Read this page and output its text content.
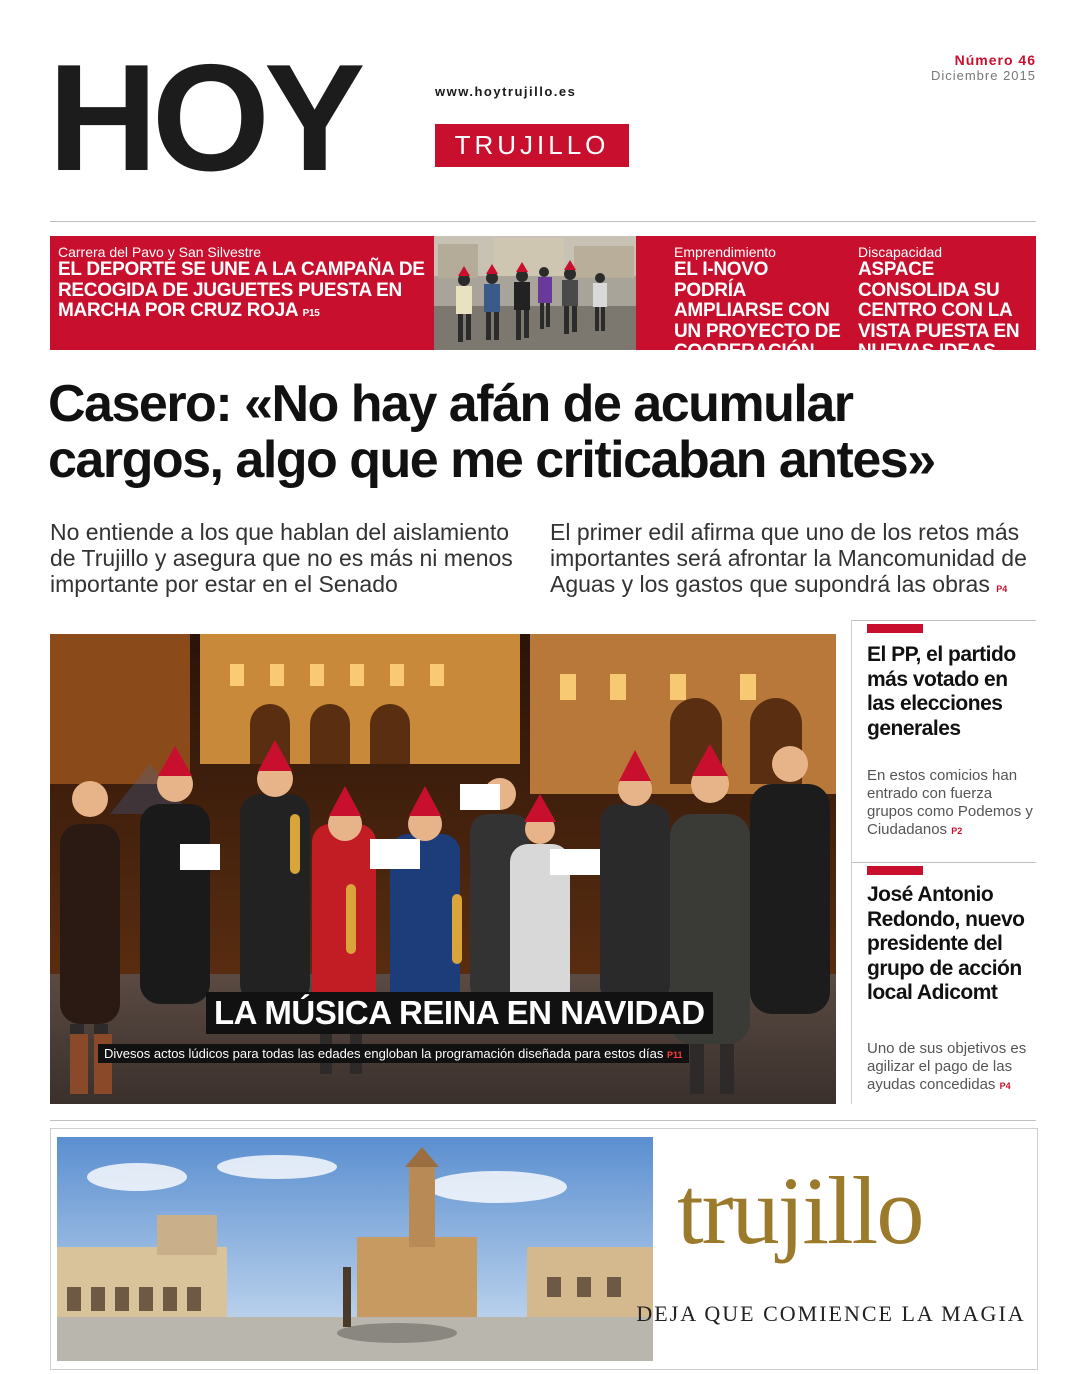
HOY	www.hoytrujillo.es
TRUJILLO
Número 46
Diciembre 2015
Carrera del Pavo y San Silvestre
EL DEPORTE SE UNE A LA CAMPAÑA DE RECOGIDA DE JUGUETES PUESTA EN MARCHA POR CRUZ ROJA P15
Emprendimiento
EL I-NOVO PODRÍA AMPLIARSE CON UN PROYECTO DE COOPERACIÓN P7
Discapacidad
ASPACE CONSOLIDA SU CENTRO CON LA VISTA PUESTA EN NUEVAS IDEAS P12
Casero: «No hay afán de acumular cargos, algo que me criticaban antes»
No entiende a los que hablan del aislamiento de Trujillo y asegura que no es más ni menos importante por estar en el Senado
El primer edil afirma que uno de los retos más importantes será afrontar la Mancomunidad de Aguas y los gastos que supondrá las obras P4
LA MÚSICA REINA EN NAVIDAD
Divesos actos lúdicos para todas las edades engloban la programación diseñada para estos días P11
El PP, el partido más votado en las elecciones generales
En estos comicios han entrado con fuerza grupos como Podemos y Ciudadanos P2
José Antonio Redondo, nuevo presidente del grupo de acción local Adicomt
Uno de sus objetivos es agilizar el pago de las ayudas concedidas P4
trujillo
DEJA QUE COMIENCE LA MAGIA
